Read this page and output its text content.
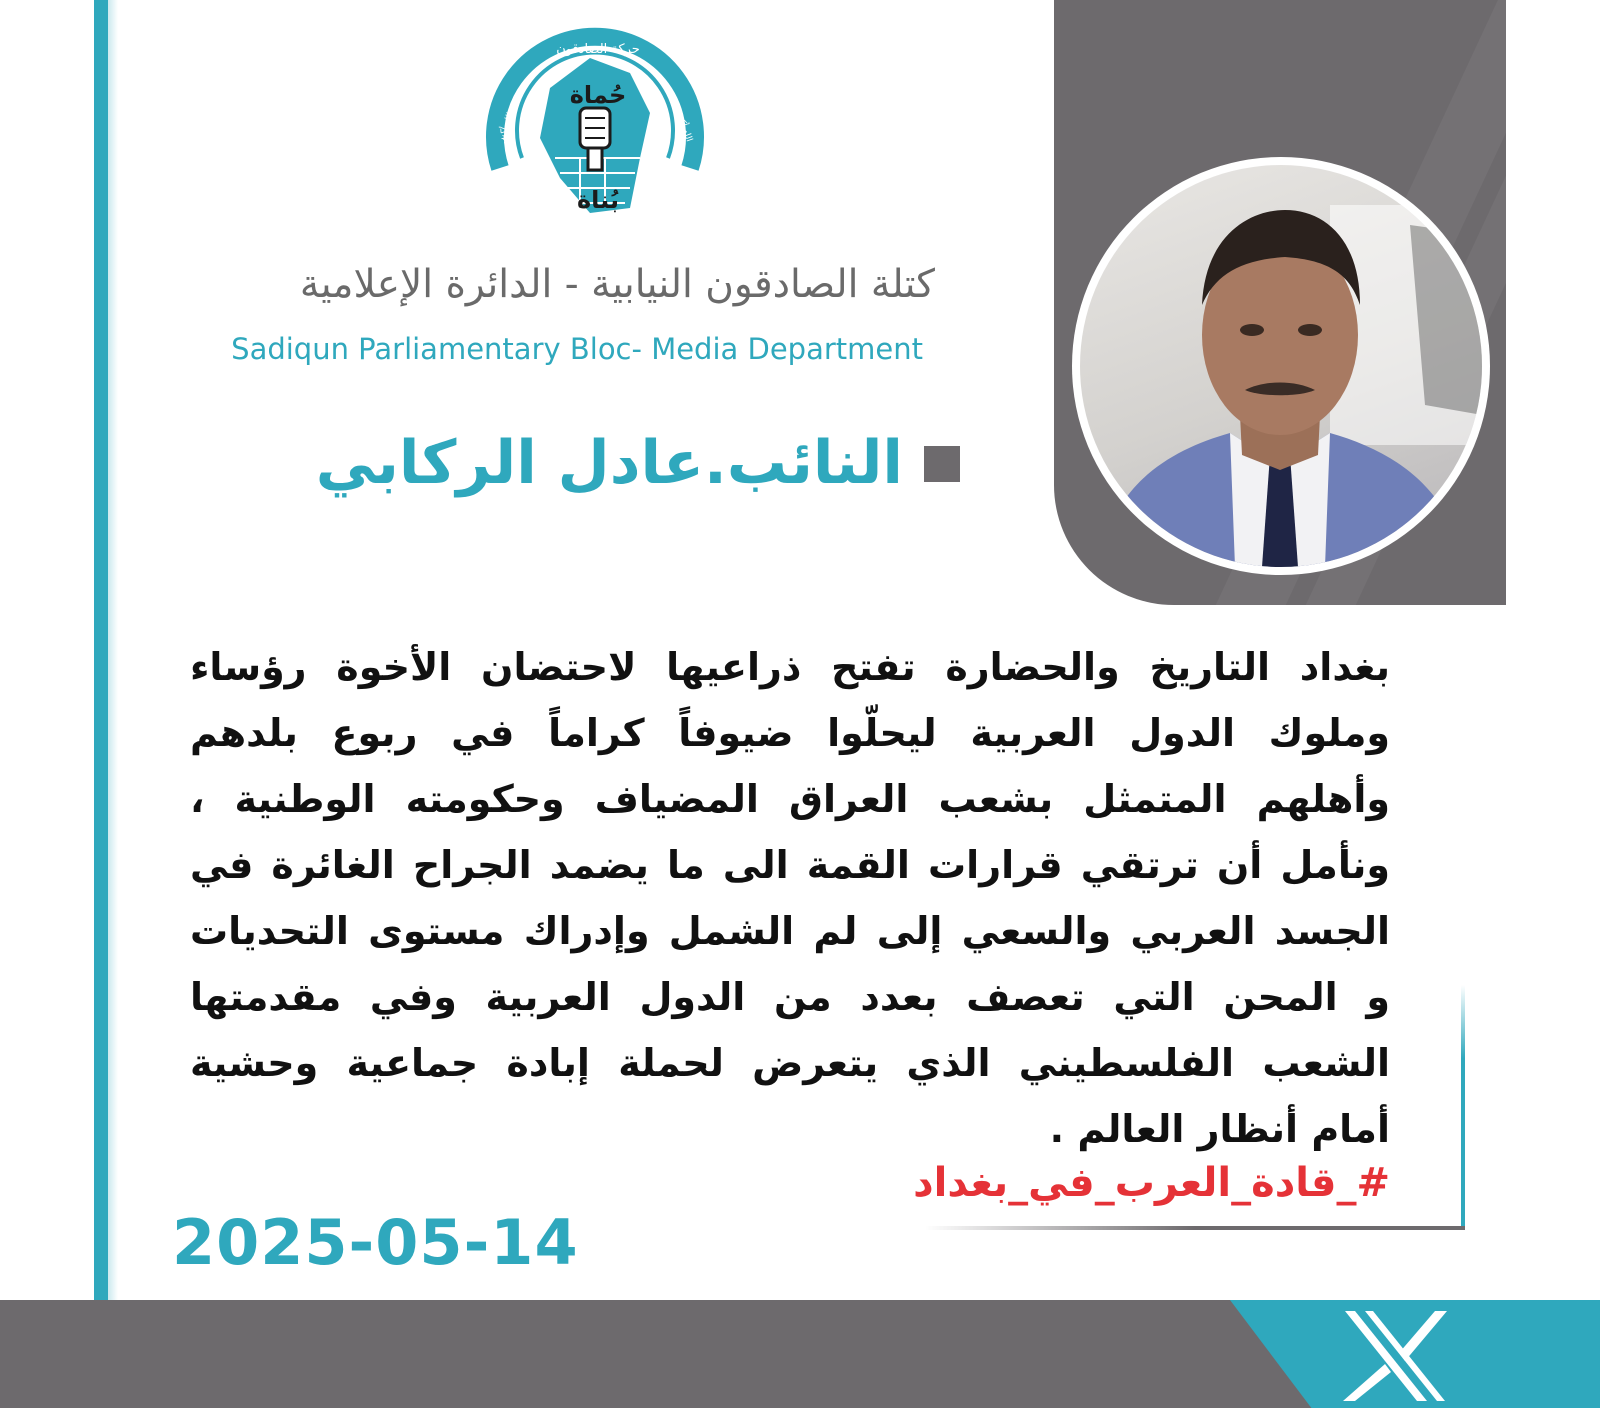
حركة الصادقون
الله أكبر	الله أكبر
حُماة
بُناة
كتلة الصادقون النيابية - الدائرة الإعلامية
Sadiqun Parliamentary Bloc- Media Department
النائب.عادل الركابي
بغداد التاريخ والحضارة تفتح ذراعيها لاحتضان الأخوة رؤساء
وملوك الدول العربية ليحلّوا ضيوفاً كراماً في ربوع بلدهم
وأهلهم المتمثل بشعب العراق المضياف وحكومته الوطنية ،
ونأمل أن ترتقي قرارات القمة الى ما يضمد الجراح الغائرة في
الجسد العربي والسعي إلى لم الشمل وإدراك مستوى التحديات
و المحن التي تعصف بعدد من الدول العربية وفي مقدمتها
الشعب الفلسطيني الذي يتعرض لحملة إبادة جماعية وحشية
أمام أنظار العالم .
#_قادة_العرب_في_بغداد
2025-05-14
